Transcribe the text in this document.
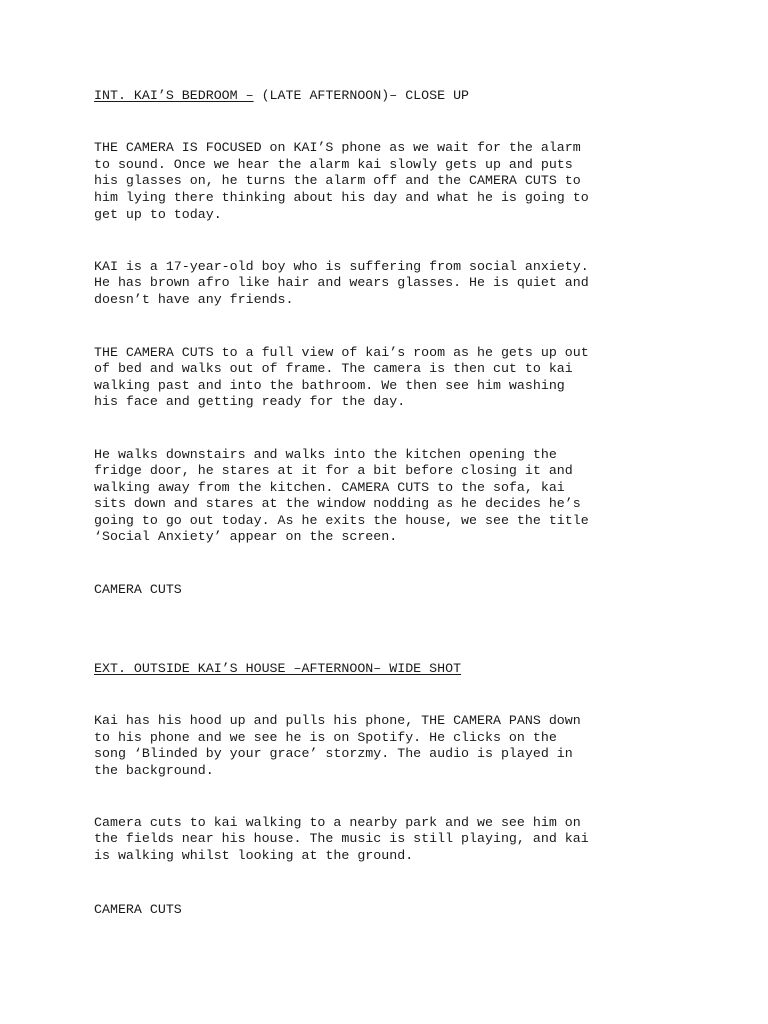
INT. KAI’S BEDROOM – (LATE AFTERNOON)– CLOSE UP

THE CAMERA IS FOCUSED on KAI’S phone as we wait for the alarm

to sound. Once we hear the alarm kai slowly gets up and puts

his glasses on, he turns the alarm off and the CAMERA CUTS to

him lying there thinking about his day and what he is going to

get up to today.

KAI is a 17-year-old boy who is suffering from social anxiety.

He has brown afro like hair and wears glasses. He is quiet and

doesn’t have any friends.

THE CAMERA CUTS to a full view of kai’s room as he gets up out

of bed and walks out of frame. The camera is then cut to kai

walking past and into the bathroom. We then see him washing

his face and getting ready for the day.

He walks downstairs and walks into the kitchen opening the

fridge door, he stares at it for a bit before closing it and

walking away from the kitchen. CAMERA CUTS to the sofa, kai

sits down and stares at the window nodding as he decides he’s

going to go out today. As he exits the house, we see the title

‘Social Anxiety’ appear on the screen.

CAMERA CUTS

EXT. OUTSIDE KAI’S HOUSE –AFTERNOON– WIDE SHOT

Kai has his hood up and pulls his phone, THE CAMERA PANS down

to his phone and we see he is on Spotify. He clicks on the

song ‘Blinded by your grace’ storzmy. The audio is played in

the background.

Camera cuts to kai walking to a nearby park and we see him on

the fields near his house. The music is still playing, and kai

is walking whilst looking at the ground.

CAMERA CUTS
